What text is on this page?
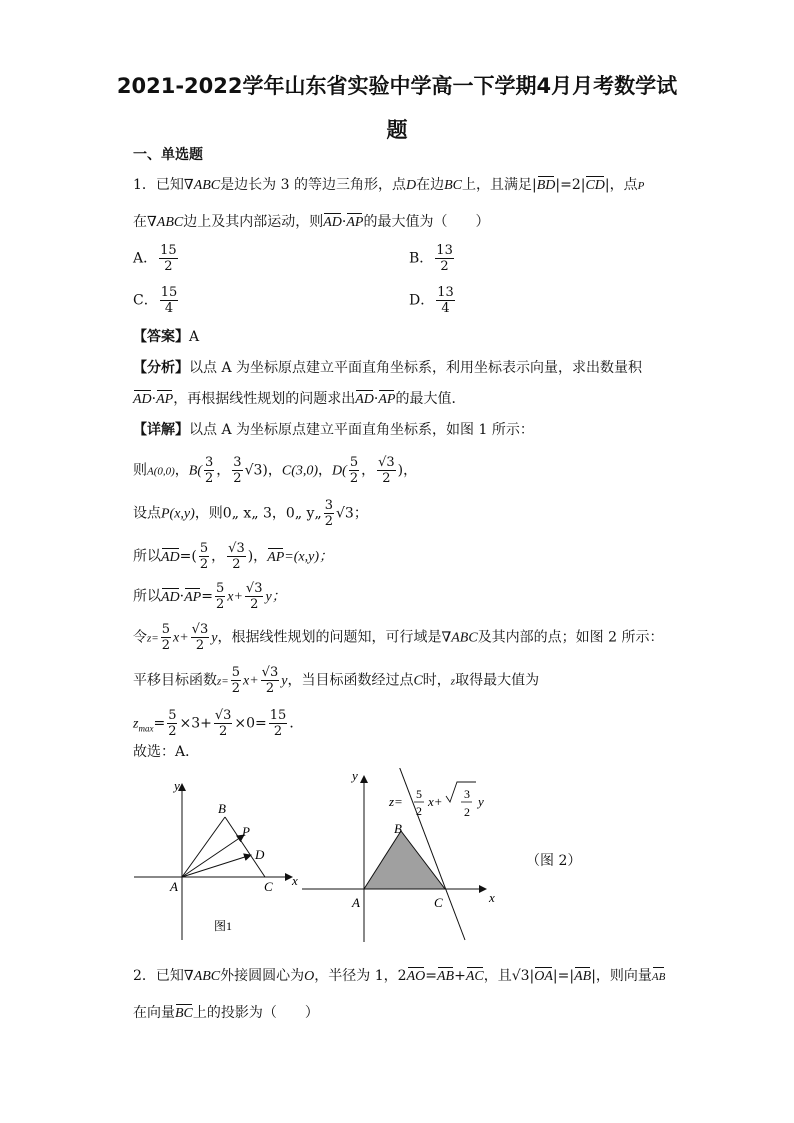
2021-2022学年山东省实验中学高一下学期4月月考数学试
题
一、单选题
1．已知∇ABC是边长为 3 的等边三角形，点D在边BC上，且满足|BD|=2|CD|，点P
在∇ABC边上及其内部运动，则AD·AP的最大值为（　　）
A． $\frac{15}{2}$	B． $\frac{13}{2}$
C． $\frac{15}{4}$	D． $\frac{13}{4}$
【答案】A
【分析】以点 A 为坐标原点建立平面直角坐标系，利用坐标表示向量，求出数量积
AD·AP，再根据线性规划的问题求出AD·AP的最大值．
【详解】以点 A 为坐标原点建立平面直角坐标系，如图 1 所示：
则A(0,0)，$B( \frac{3}{2}$ ， $\frac{3}{2} √3$)，C(3,0)，$D( \frac{5}{2}$ ， $\frac{√3}{2}$ )，
设点P(x,y)，则0„ x„ 3，0„ y„ $\frac{3}{2} √3$；
所以$AD=( \frac{5}{2}$ ， $\frac{√3}{2}$ )，AP=(x,y)；
所以$AD\cdot AP= \frac{5}{2} x+ \frac{√3}{2}$ y；
令$z= \frac{5}{2} x+ \frac{√3}{2}$ y，根据线性规划的问题知，可行域是∇ABC及其内部的点；如图 2 所示：
平移目标函数$z= \frac{5}{2} x+ \frac{√3}{2}$ y，当目标函数经过点C时，z取得最大值为
$z_{max}= \frac{5}{2} \times 3+ \frac{√3}{2} \times 0= \frac{15}{2}$ ．
故选：A．
y
x
A
B
P
D
C
图1
y
x
A
B
C
z= 5
2
x+ 3
2
y
（图 2）
2．已知∇ABC外接圆圆心为O，半径为 1，2AO=AB+AC，且√3|OA|=|AB|，则向量AB
在向量BC上的投影为（　　）
